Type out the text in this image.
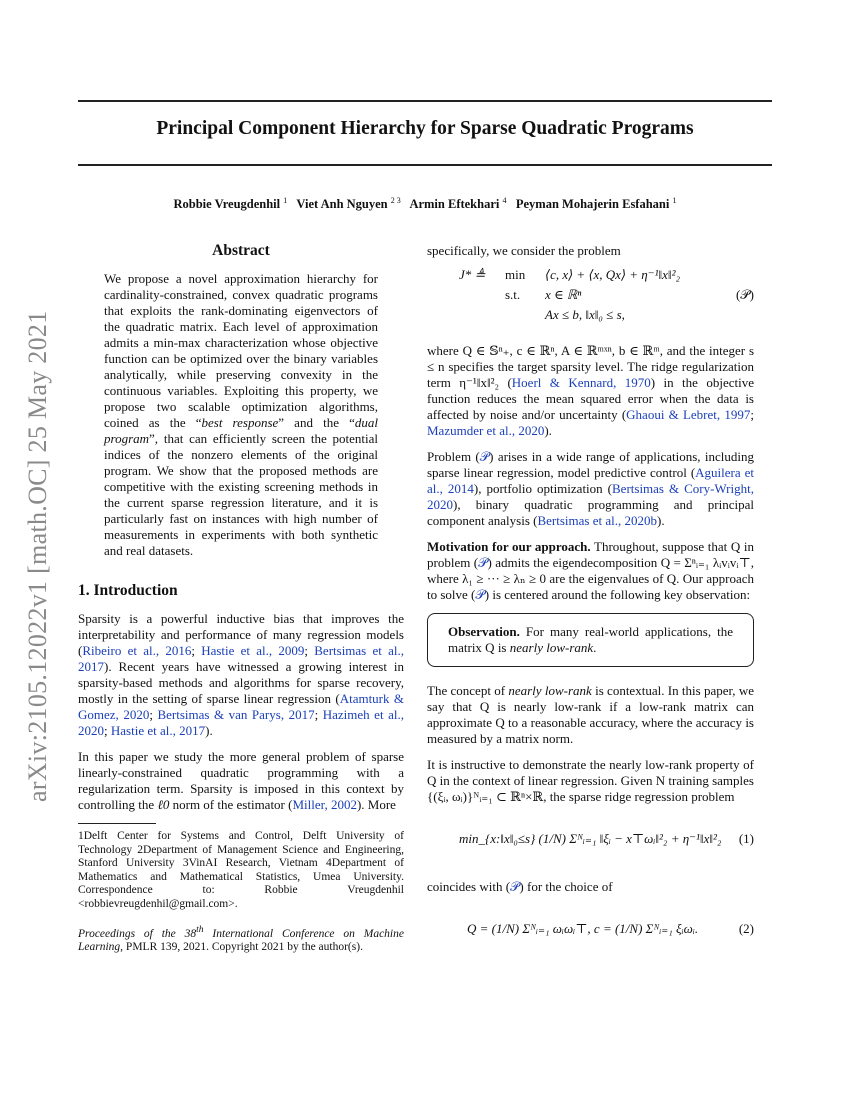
Principal Component Hierarchy for Sparse Quadratic Programs
Robbie Vreugdenhil $^1$ Viet Anh Nguyen $^{2 3}$ Armin Eftekhari $^4$ Peyman Mohajerin Esfahani $^1$
arXiv:2105.12022v1 [math.OC] 25 May 2021
Abstract

We propose a novel approximation hierarchy for cardinality-constrained, convex quadratic programs that exploits the rank-dominating eigenvectors of the quadratic matrix. Each level of approximation admits a min-max characterization whose objective function can be optimized over the binary variables analytically, while preserving convexity in the continuous variables. Exploiting this property, we propose two scalable optimization algorithms, coined as the “best response” and the “dual program”, that can efficiently screen the potential indices of the nonzero elements of the original program. We show that the proposed methods are competitive with the existing screening methods in the current sparse regression literature, and it is particularly fast on instances with high number of measurements in experiments with both synthetic and real datasets.

1. Introduction

Sparsity is a powerful inductive bias that improves the interpretability and performance of many regression models (Ribeiro et al., 2016; Hastie et al., 2009; Bertsimas et al., 2017). Recent years have witnessed a growing interest in sparsity-based methods and algorithms for sparse recovery, mostly in the setting of sparse linear regression (Atamturk & Gomez, 2020; Bertsimas & van Parys, 2017; Hazimeh et al., 2020; Hastie et al., 2017).

In this paper we study the more general problem of sparse linearly-constrained quadratic programming with a regularization term. Sparsity is imposed in this context by controlling the ℓ0 norm of the estimator (Miller, 2002). More

1Delft Center for Systems and Control, Delft University of Technology 2Department of Management Science and Engineering, Stanford University 3VinAI Research, Vietnam 4Department of Mathematics and Mathematical Statistics, Umea University. Correspondence to: Robbie Vreugdenhil <robbievreugdenhil@gmail.com>.

Proceedings of the 38th International Conference on Machine Learning, PMLR 139, 2021. Copyright 2021 by the author(s).

specifically, we consider the problem

J* ≜ min ⟨c, x⟩ + ⟨x, Qx⟩ + η⁻¹‖x‖²₂
s.t. x ∈ ℝⁿ	(𝒫)
Ax ≤ b, ‖x‖₀ ≤ s,

where Q ∈ 𝕊ⁿ₊, c ∈ ℝⁿ, A ∈ ℝᵐˣⁿ, b ∈ ℝᵐ, and the integer s ≤ n specifies the target sparsity level. The ridge regularization term η⁻¹‖x‖²₂ (Hoerl & Kennard, 1970) in the objective function reduces the mean squared error when the data is affected by noise and/or uncertainty (Ghaoui & Lebret, 1997; Mazumder et al., 2020).

Problem (𝒫) arises in a wide range of applications, including sparse linear regression, model predictive control (Aguilera et al., 2014), portfolio optimization (Bertsimas & Cory-Wright, 2020), binary quadratic programming and principal component analysis (Bertsimas et al., 2020b).

Motivation for our approach. Throughout, suppose that Q in problem (𝒫) admits the eigendecomposition Q = Σⁿᵢ₌₁ λᵢvᵢvᵢ⊤, where λ₁ ≥ ··· ≥ λₙ ≥ 0 are the eigenvalues of Q. Our approach to solve (𝒫) is centered around the following key observation:

Observation. For many real-world applications, the matrix Q is nearly low-rank.

The concept of nearly low-rank is contextual. In this paper, we say that Q is nearly low-rank if a low-rank matrix can approximate Q to a reasonable accuracy, where the accuracy is measured by a matrix norm.

It is instructive to demonstrate the nearly low-rank property of Q in the context of linear regression. Given N training samples {(ξᵢ, ωᵢ)}ᴺᵢ₌₁ ⊂ ℝⁿ×ℝ, the sparse ridge regression problem

min_{x:‖x‖₀≤s} (1/N) Σᴺᵢ₌₁ ‖ξᵢ − x⊤ωᵢ‖²₂ + η⁻¹‖x‖²₂ (1)

coincides with (𝒫) for the choice of

Q = (1/N) Σᴺᵢ₌₁ ωᵢωᵢ⊤, c = (1/N) Σᴺᵢ₌₁ ξᵢωᵢ.	(2)
